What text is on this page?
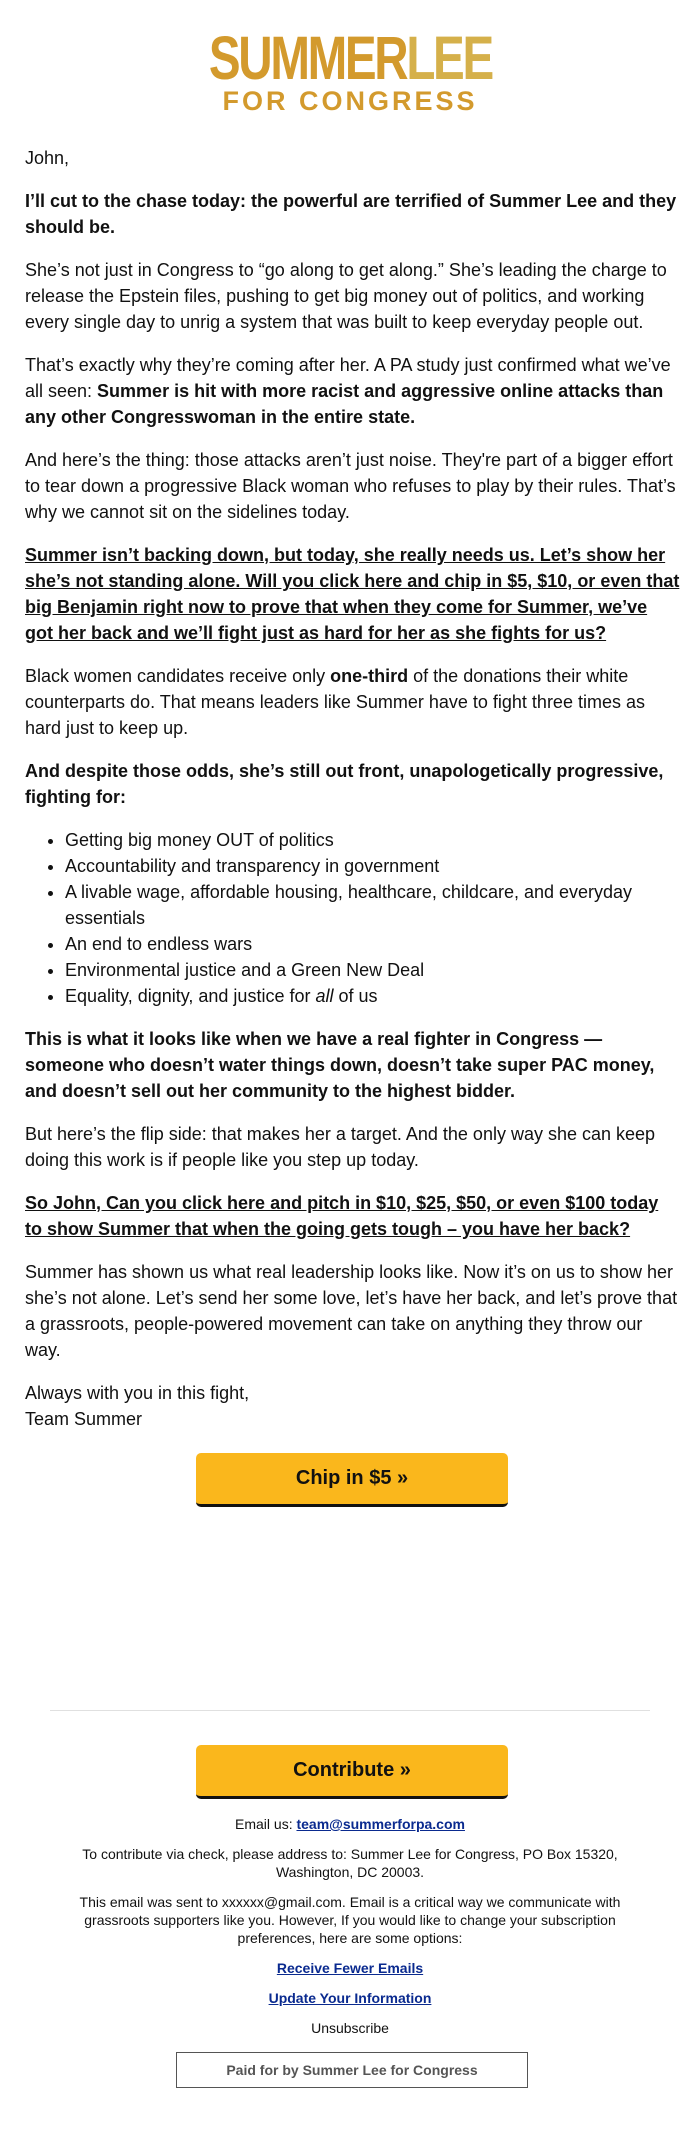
SUMMERLEE
FOR CONGRESS

John,

I’ll cut to the chase today: the powerful are terrified of Summer Lee and they should be.

She’s not just in Congress to “go along to get along.” She’s leading the charge to release the Epstein files, pushing to get big money out of politics, and working every single day to unrig a system that was built to keep everyday people out.

That’s exactly why they’re coming after her. A PA study just confirmed what we’ve all seen: Summer is hit with more racist and aggressive online attacks than any other Congresswoman in the entire state.

And here’s the thing: those attacks aren’t just noise. They're part of a bigger effort to tear down a progressive Black woman who refuses to play by their rules. That’s why we cannot sit on the sidelines today.

Summer isn’t backing down, but today, she really needs us. Let’s show her she’s not standing alone. Will you click here and chip in $5, $10, or even that big Benjamin right now to prove that when they come for Summer, we’ve got her back and we’ll fight just as hard for her as she fights for us?

Black women candidates receive only one-third of the donations their white counterparts do. That means leaders like Summer have to fight three times as hard just to keep up.

And despite those odds, she’s still out front, unapologetically progressive, fighting for:

• Getting big money OUT of politics
• Accountability and transparency in government
• A livable wage, affordable housing, healthcare, childcare, and everyday essentials
• An end to endless wars
• Environmental justice and a Green New Deal
• Equality, dignity, and justice for all of us

This is what it looks like when we have a real fighter in Congress — someone who doesn’t water things down, doesn’t take super PAC money, and doesn’t sell out her community to the highest bidder.

But here’s the flip side: that makes her a target. And the only way she can keep doing this work is if people like you step up today.

So John, Can you click here and pitch in $10, $25, $50, or even $100 today to show Summer that when the going gets tough – you have her back?

Summer has shown us what real leadership looks like. Now it’s on us to show her she’s not alone. Let’s send her some love, let’s have her back, and let’s prove that a grassroots, people-powered movement can take on anything they throw our way.

Always with you in this fight,
Team Summer

Chip in $5 »
Contribute »

Email us: team@summerforpa.com

To contribute via check, please address to: Summer Lee for Congress, PO Box 15320, Washington, DC 20003.

This email was sent to xxxxxx@gmail.com. Email is a critical way we communicate with grassroots supporters like you. However, If you would like to change your subscription preferences, here are some options:

Receive Fewer Emails

Update Your Information

Unsubscribe

Paid for by Summer Lee for Congress
